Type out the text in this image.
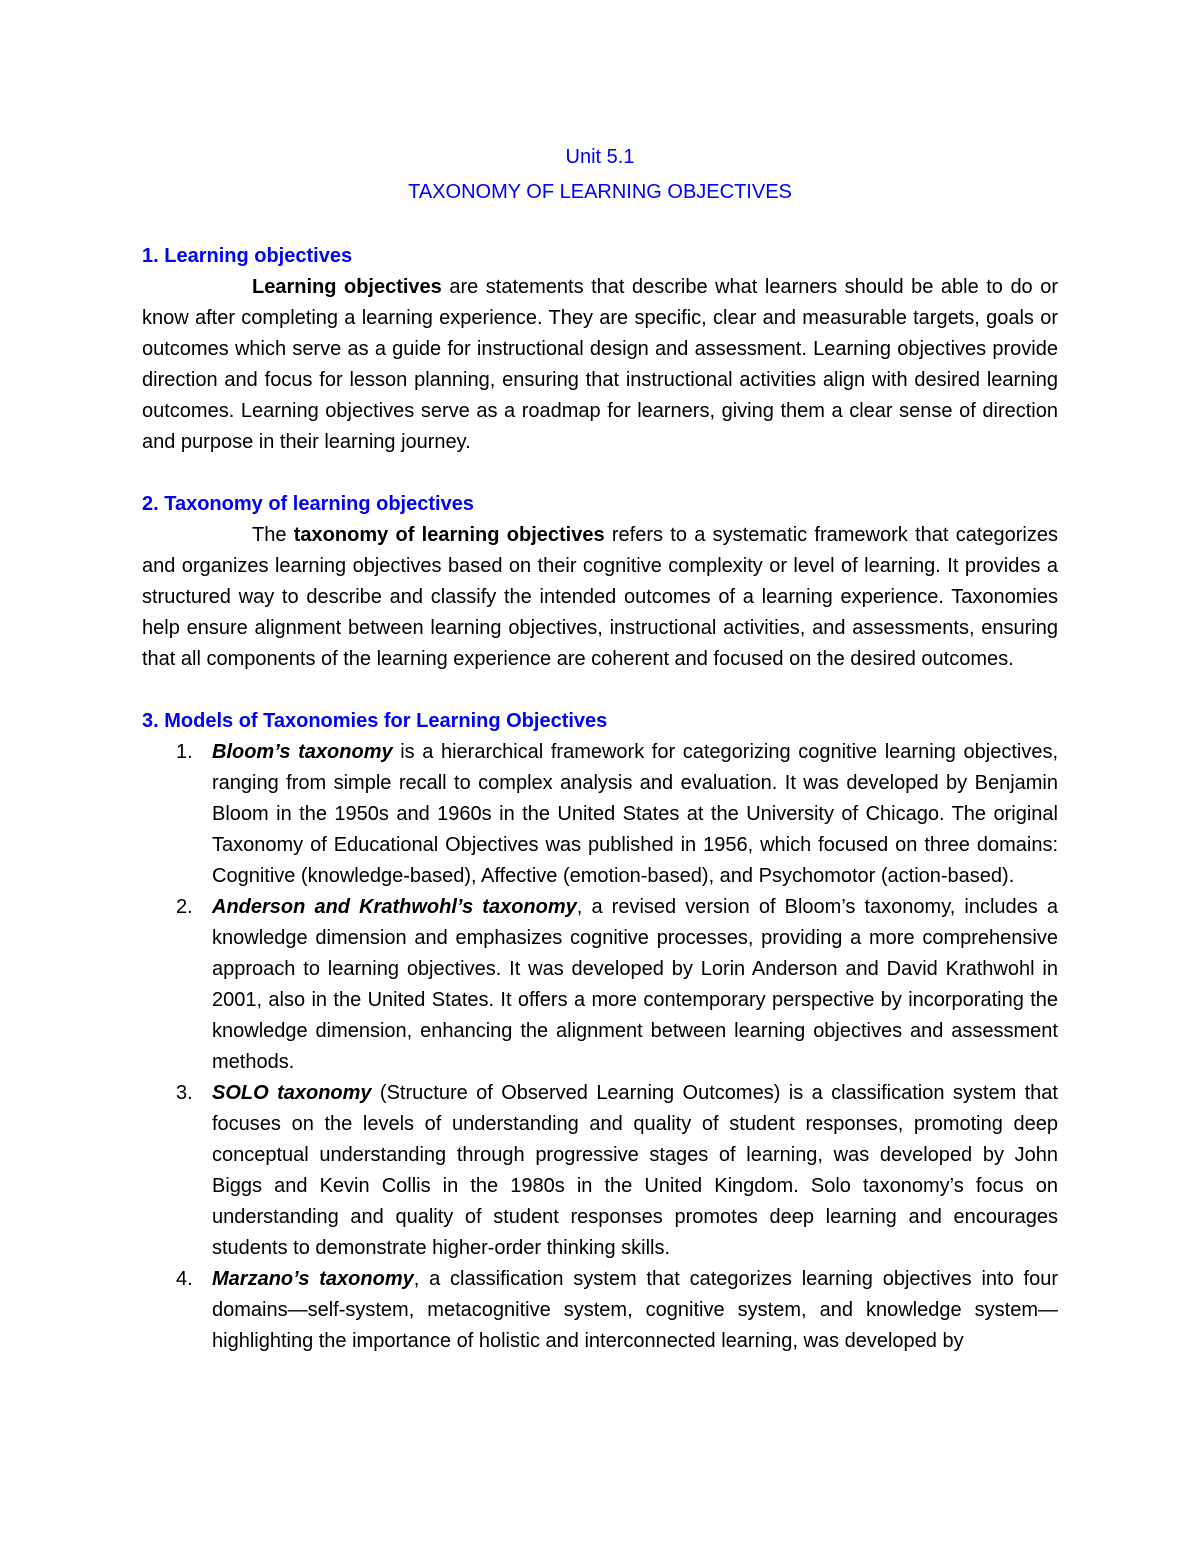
Unit 5.1
TAXONOMY OF LEARNING OBJECTIVES
1. Learning objectives
Learning objectives are statements that describe what learners should be able to do or know after completing a learning experience. They are specific, clear and measurable targets, goals or outcomes which serve as a guide for instructional design and assessment. Learning objectives provide direction and focus for lesson planning, ensuring that instructional activities align with desired learning outcomes. Learning objectives serve as a roadmap for learners, giving them a clear sense of direction and purpose in their learning journey.
2. Taxonomy of learning objectives
The taxonomy of learning objectives refers to a systematic framework that categorizes and organizes learning objectives based on their cognitive complexity or level of learning. It provides a structured way to describe and classify the intended outcomes of a learning experience. Taxonomies help ensure alignment between learning objectives, instructional activities, and assessments, ensuring that all components of the learning experience are coherent and focused on the desired outcomes.
3. Models of Taxonomies for Learning Objectives
1. Bloom’s taxonomy is a hierarchical framework for categorizing cognitive learning objectives, ranging from simple recall to complex analysis and evaluation. It was developed by Benjamin Bloom in the 1950s and 1960s in the United States at the University of Chicago. The original Taxonomy of Educational Objectives was published in 1956, which focused on three domains: Cognitive (knowledge-based), Affective (emotion-based), and Psychomotor (action-based).
2. Anderson and Krathwohl’s taxonomy, a revised version of Bloom’s taxonomy, includes a knowledge dimension and emphasizes cognitive processes, providing a more comprehensive approach to learning objectives. It was developed by Lorin Anderson and David Krathwohl in 2001, also in the United States. It offers a more contemporary perspective by incorporating the knowledge dimension, enhancing the alignment between learning objectives and assessment methods.
3. SOLO taxonomy (Structure of Observed Learning Outcomes) is a classification system that focuses on the levels of understanding and quality of student responses, promoting deep conceptual understanding through progressive stages of learning, was developed by John Biggs and Kevin Collis in the 1980s in the United Kingdom. Solo taxonomy’s focus on understanding and quality of student responses promotes deep learning and encourages students to demonstrate higher-order thinking skills.
4. Marzano’s taxonomy, a classification system that categorizes learning objectives into four domains—self-system, metacognitive system, cognitive system, and knowledge system—highlighting the importance of holistic and interconnected learning, was developed by
